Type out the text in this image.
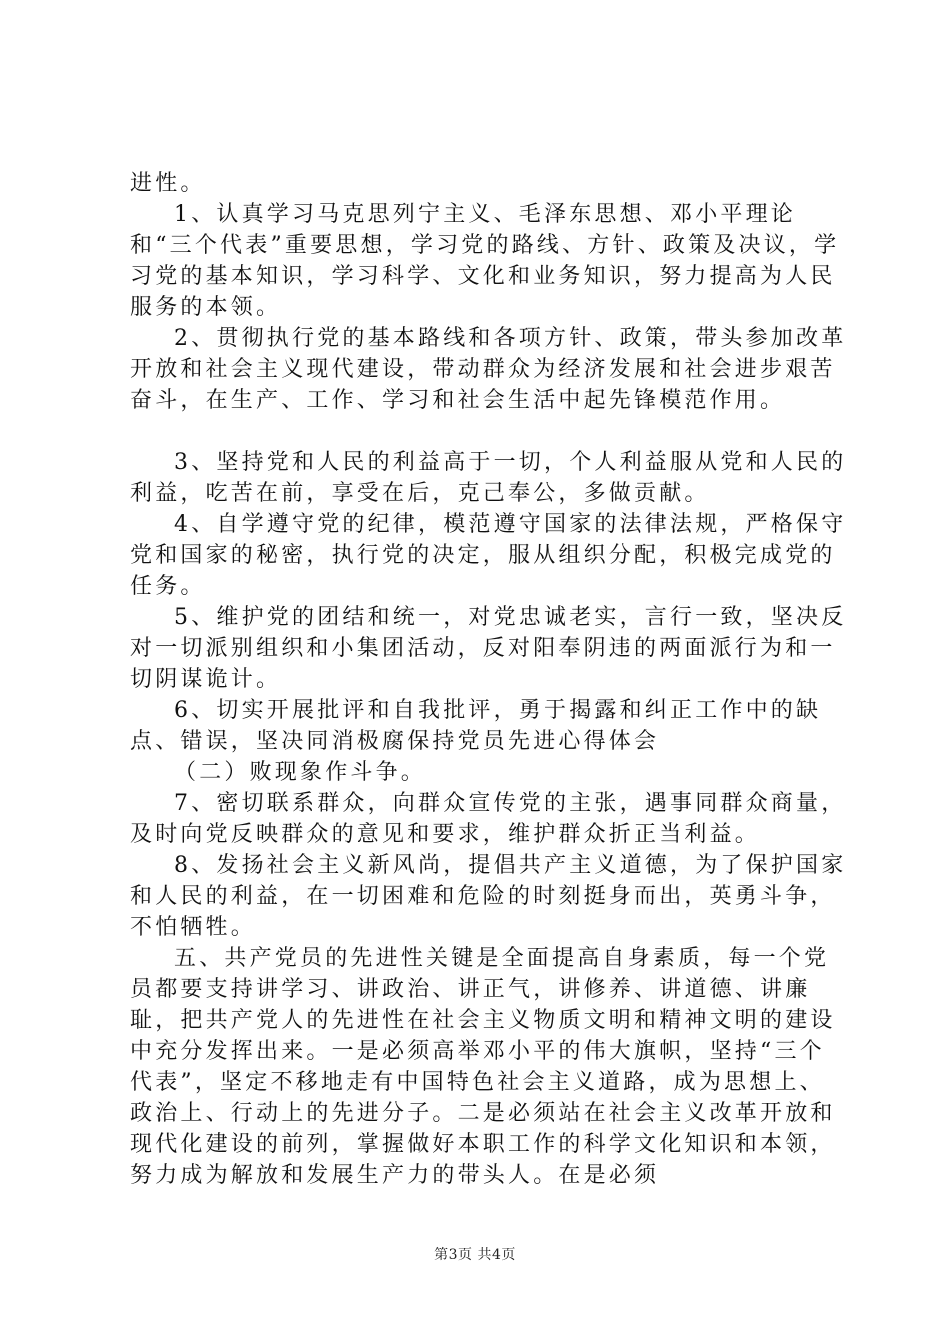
进性。

1、认真学习马克思列宁主义、毛泽东思想、邓小平理论和“三个代表”重要思想，学习党的路线、方针、政策及决议，学习党的基本知识，学习科学、文化和业务知识，努力提高为人民服务的本领。

2、贯彻执行党的基本路线和各项方针、政策，带头参加改革开放和社会主义现代建设，带动群众为经济发展和社会进步艰苦奋斗，在生产、工作、学习和社会生活中起先锋模范作用。

3、坚持党和人民的利益高于一切，个人利益服从党和人民的利益，吃苦在前，享受在后，克己奉公，多做贡献。

4、自学遵守党的纪律，模范遵守国家的法律法规，严格保守党和国家的秘密，执行党的决定，服从组织分配，积极完成党的任务。

5、维护党的团结和统一，对党忠诚老实，言行一致，坚决反对一切派别组织和小集团活动，反对阳奉阴违的两面派行为和一切阴谋诡计。

6、切实开展批评和自我批评，勇于揭露和纠正工作中的缺点、错误，坚决同消极腐保持党员先进心得体会

（二）败现象作斗争。

7、密切联系群众，向群众宣传党的主张，遇事同群众商量，及时向党反映群众的意见和要求，维护群众折正当利益。

8、发扬社会主义新风尚，提倡共产主义道德，为了保护国家和人民的利益，在一切困难和危险的时刻挺身而出，英勇斗争，不怕牺牲。

五、共产党员的先进性关键是全面提高自身素质，每一个党员都要支持讲学习、讲政治、讲正气，讲修养、讲道德、讲廉耻，把共产党人的先进性在社会主义物质文明和精神文明的建设中充分发挥出来。一是必须高举邓小平的伟大旗帜，坚持“三个代表”，坚定不移地走有中国特色社会主义道路，成为思想上、政治上、行动上的先进分子。二是必须站在社会主义改革开放和现代化建设的前列，掌握做好本职工作的科学文化知识和本领，努力成为解放和发展生产力的带头人。在是必须

第3页 共4页
